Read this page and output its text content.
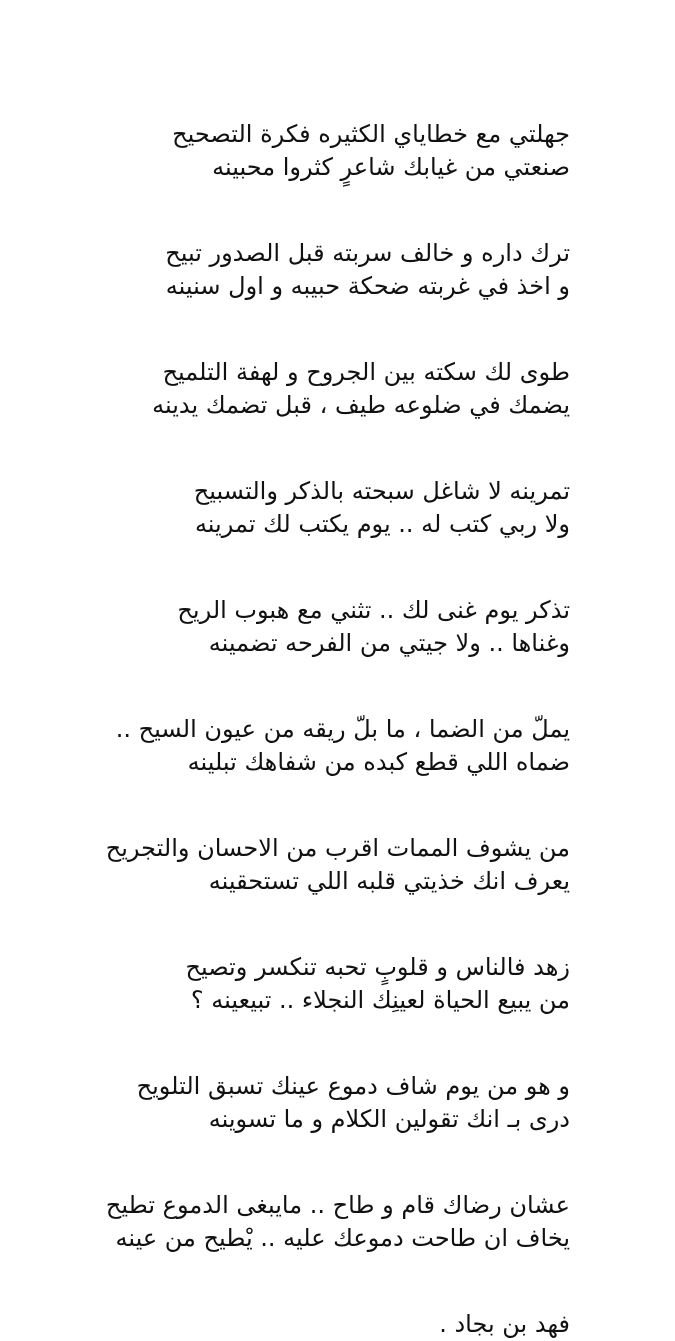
جهلتي مع خطاياي الكثيره فكرة التصحيح
صنعتي من غيابك شاعرٍ كثروا محبينه
ترك داره و خالف سربته قبل الصدور تبيح
و اخذ في غربته ضحكة حبيبه و اول سنينه
طوى لك سكته بين الجروح و لهفة التلميح
يضمك في ضلوعه طيف ، قبل تضمك يدينه
تمرينه لا شاغل سبحته بالذكر والتسبيح
ولا ربي كتب له .. يوم يكتب لك تمرينه
تذكر يوم غنى لك .. تثني مع هبوب الريح
وغناها .. ولا جيتي من الفرحه تضمينه
يملّ من الضما ، ما بلّ ريقه من عيون السيح ..
ضماه اللي قطع كبده من شفاهك تبلينه
من يشوف الممات اقرب من الاحسان والتجريح
يعرف انك خذيتي قلبه اللي تستحقينه
زهد فالناس و قلوبٍ تحبه تنكسر وتصيح
من يبيع الحياة لعينِك النجلاء .. تبيعينه ؟
و هو من يوم شاف دموع عينك تسبق التلويح
درى بـ انك تقولين الكلام و ما تسوينه
عشان رضاك قام و طاح .. مايبغى الدموع تطيح
يخاف ان طاحت دموعك عليه .. يْطيح من عينه
فهد بن بجاد .
